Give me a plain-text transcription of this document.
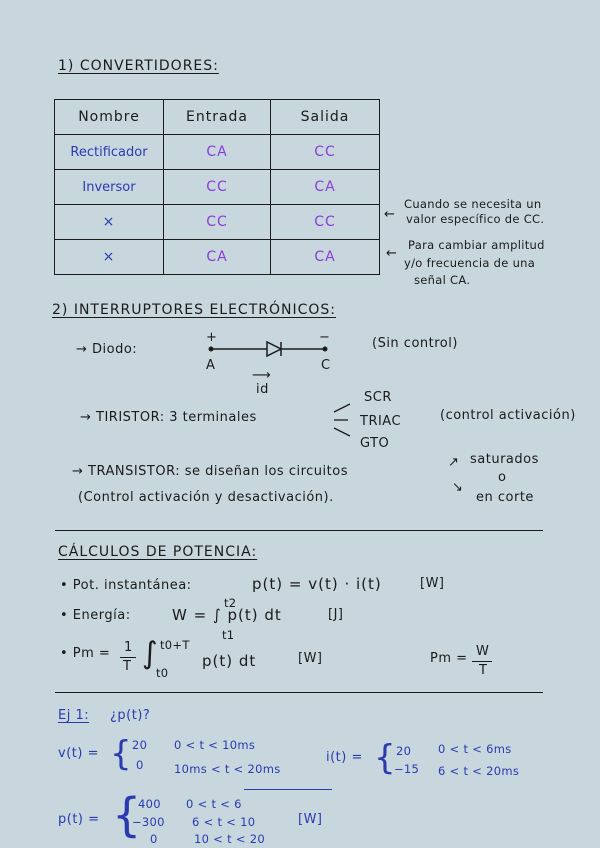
1) CONVERTIDORES:
Nombre	Entrada	Salida
Rectificador	CA	CC
Inversor	CC	CA
×	CC	CC
×	CA	CA
←
Cuando se necesita un
valor específico de CC.
←
Para cambiar amplitud
y/o frecuencia de una
señal CA.
2) INTERRUPTORES ELECTRÓNICOS:
→ Diodo:
+	−
A	C
⟶
id
(Sin control)
→ TIRISTOR: 3 terminales
SCR
TRIAC
GTO
(control activación)
→ TRANSISTOR: se diseñan los circuitos
(Control activación y desactivación).
↗
↘
saturados
o
en corte
CÁLCULOS DE POTENCIA:
• Pot. instantánea:	p(t) = v(t) · i(t)	[W]
• Energía:	W = ∫ p(t) dt
t2
t1
[J]
• Pm = 1
T ∫ t0+T
t0
p(t) dt	[W]	Pm = W
T
Ej 1: ¿p(t)?
v(t) = { 20 0 < t < 10ms
0	10ms < t < 20ms
i(t) = { 20 0 < t < 6ms
−15 6 < t < 20ms
p(t) = {
400 0 < t < 6
−300 6 < t < 10
0	10 < t < 20
[W]
